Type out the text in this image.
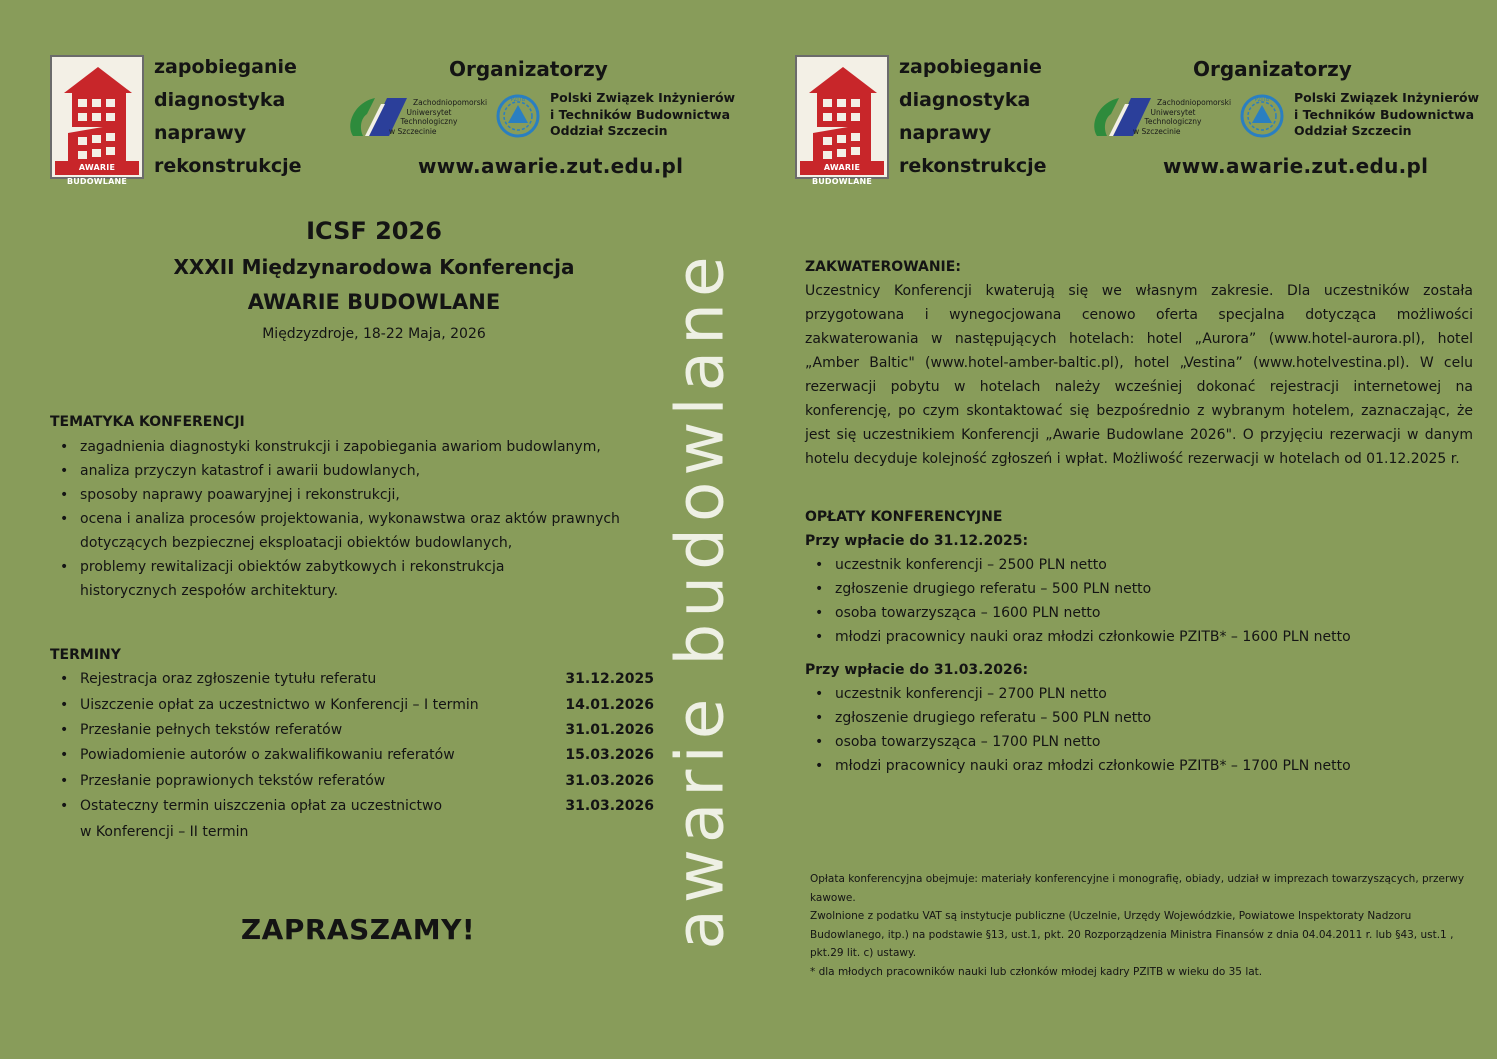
AWARIE BUDOWLANE
zapobieganie
diagnostyka
naprawy
rekonstrukcje
Organizatorzy
Zachodniopomorski
Uniwersytet
Technologiczny
w Szczecinie
PZITB Polski Związek Inżynierów
i Techników Budownictwa
Oddział Szczecin
www.awarie.zut.edu.pl
ICSF 2026
XXXII Międzynarodowa Konferencja
AWARIE BUDOWLANE
Międzyzdroje, 18-22 Maja, 2026
TEMATYKA KONFERENCJI
• zagadnienia diagnostyki konstrukcji i zapobiegania awariom budowlanym,
• analiza przyczyn katastrof i awarii budowlanych,
• sposoby naprawy poawaryjnej i rekonstrukcji,
• ocena i analiza procesów projektowania, wykonawstwa oraz aktów prawnych dotyczących bezpiecznej eksploatacji obiektów budowlanych,
• problemy rewitalizacji obiektów zabytkowych i rekonstrukcja historycznych zespołów architektury.
TERMINY
• Rejestracja oraz zgłoszenie tytułu referatu	31.12.2025
• Uiszczenie opłat za uczestnictwo w Konferencji – I termin	14.01.2026
• Przesłanie pełnych tekstów referatów	31.01.2026
• Powiadomienie autorów o zakwalifikowaniu referatów	15.03.2026
• Przesłanie poprawionych tekstów referatów	31.03.2026
• Ostateczny termin uiszczenia opłat za uczestnictwo	31.03.2026
w Konferencji – II termin
ZAPRASZAMY!	awarie budowlane
AWARIE BUDOWLANE
zapobieganie
diagnostyka
naprawy
rekonstrukcje
Organizatorzy
Zachodniopomorski
Uniwersytet
Technologiczny
w Szczecinie
PZITB Polski Związek Inżynierów
i Techników Budownictwa
Oddział Szczecin
www.awarie.zut.edu.pl
ZAKWATEROWANIE:
Uczestnicy Konferencji kwaterują się we własnym zakresie. Dla uczestników została przygotowana i wynegocjowana cenowo oferta specjalna dotycząca możliwości zakwaterowania w następujących hotelach: hotel „Aurora” (www.hotel-aurora.pl), hotel „Amber Baltic" (www.hotel-amber-baltic.pl), hotel „Vestina” (www.hotelvestina.pl). W celu rezerwacji pobytu w hotelach należy wcześniej dokonać rejestracji internetowej na konferencję, po czym skontaktować się bezpośrednio z wybranym hotelem, zaznaczając, że jest się uczestnikiem Konferencji „Awarie Budowlane 2026". O przyjęciu rezerwacji w danym hotelu decyduje kolejność zgłoszeń i wpłat. Możliwość rezerwacji w hotelach od 01.12.2025 r.
OPŁATY KONFERENCYJNE
Przy wpłacie do 31.12.2025:
• uczestnik konferencji – 2500 PLN netto
• zgłoszenie drugiego referatu – 500 PLN netto
• osoba towarzysząca – 1600 PLN netto
• młodzi pracownicy nauki oraz młodzi członkowie PZITB* – 1600 PLN netto
Przy wpłacie do 31.03.2026:
• uczestnik konferencji – 2700 PLN netto
• zgłoszenie drugiego referatu – 500 PLN netto
• osoba towarzysząca – 1700 PLN netto
• młodzi pracownicy nauki oraz młodzi członkowie PZITB* – 1700 PLN netto
Opłata konferencyjna obejmuje: materiały konferencyjne i monografię, obiady, udział w imprezach towarzyszących, przerwy kawowe.
Zwolnione z podatku VAT są instytucje publiczne (Uczelnie, Urzędy Wojewódzkie, Powiatowe Inspektoraty Nadzoru Budowlanego, itp.) na podstawie §13, ust.1, pkt. 20 Rozporządzenia Ministra Finansów z dnia 04.04.2011 r. lub §43, ust.1 , pkt.29 lit. c) ustawy.
* dla młodych pracowników nauki lub członków młodej kadry PZITB w wieku do 35 lat.
